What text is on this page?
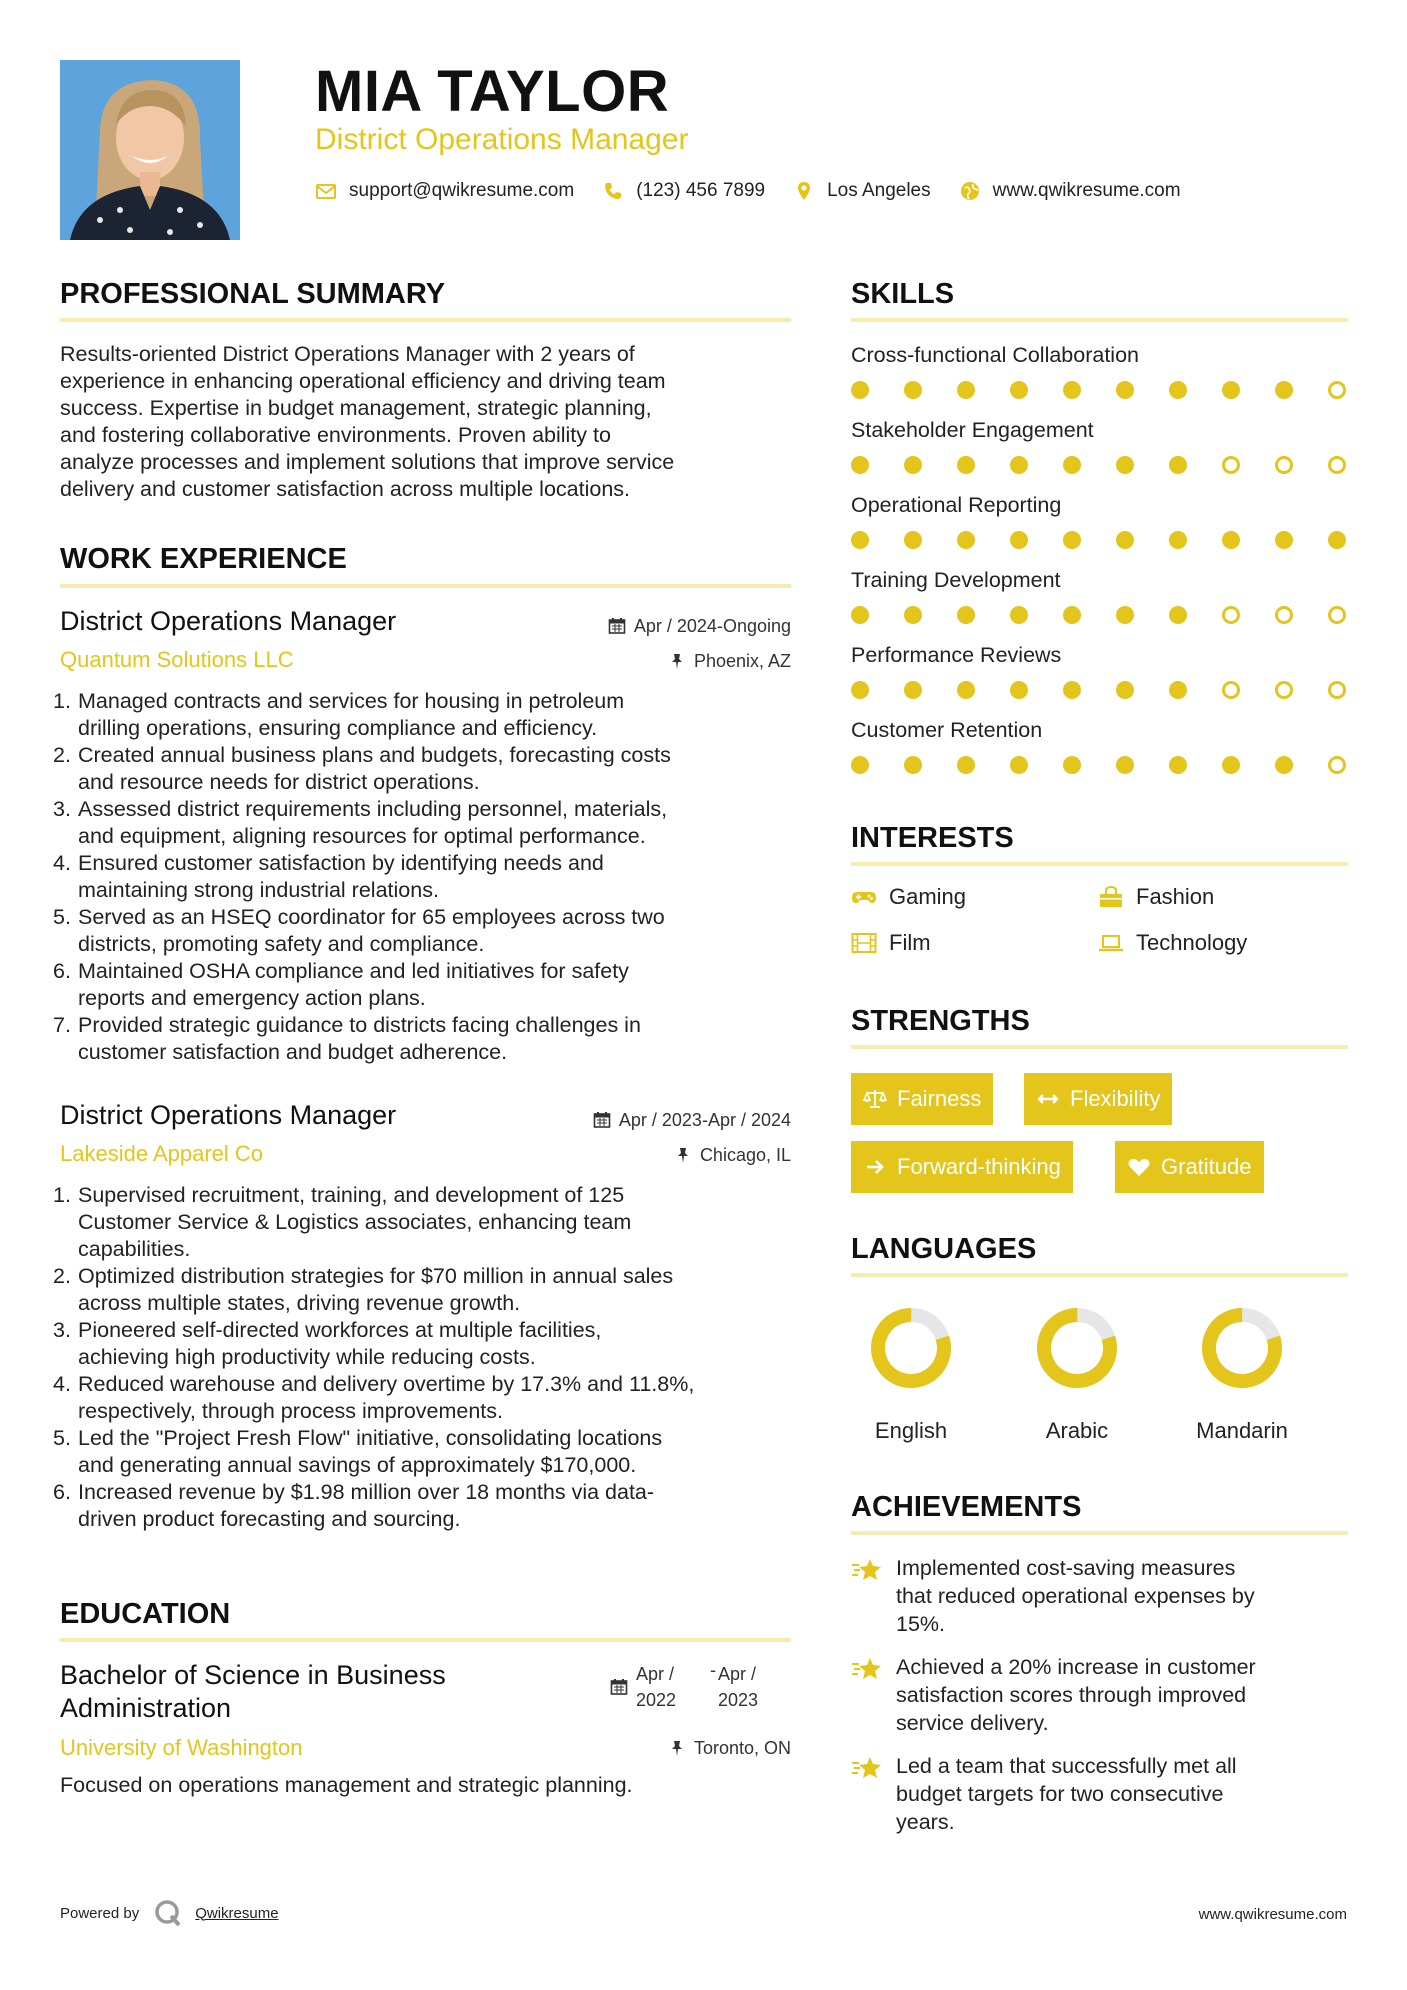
MIA TAYLOR
District Operations Manager
support@qwikresume.com	(123) 456 7899	Los Angeles	www.qwikresume.com
PROFESSIONAL SUMMARY
Results-oriented District Operations Manager with 2 years of
experience in enhancing operational efficiency and driving team
success. Expertise in budget management, strategic planning,
and fostering collaborative environments. Proven ability to
analyze processes and implement solutions that improve service
delivery and customer satisfaction across multiple locations.
WORK EXPERIENCE
District Operations Manager	Apr / 2024-Ongoing
Quantum Solutions LLC	Phoenix, AZ
1. Managed contracts and services for housing in petroleum
drilling operations, ensuring compliance and efficiency.
2. Created annual business plans and budgets, forecasting costs
and resource needs for district operations.
3. Assessed district requirements including personnel, materials,
and equipment, aligning resources for optimal performance.
4. Ensured customer satisfaction by identifying needs and
maintaining strong industrial relations.
5. Served as an HSEQ coordinator for 65 employees across two
districts, promoting safety and compliance.
6. Maintained OSHA compliance and led initiatives for safety
reports and emergency action plans.
7. Provided strategic guidance to districts facing challenges in
customer satisfaction and budget adherence.
District Operations Manager	Apr / 2023-Apr / 2024
Lakeside Apparel Co	Chicago, IL
1. Supervised recruitment, training, and development of 125
Customer Service & Logistics associates, enhancing team
capabilities.
2. Optimized distribution strategies for $70 million in annual sales
across multiple states, driving revenue growth.
3. Pioneered self-directed workforces at multiple facilities,
achieving high productivity while reducing costs.
4. Reduced warehouse and delivery overtime by 17.3% and 11.8%,
respectively, through process improvements.
5. Led the "Project Fresh Flow" initiative, consolidating locations
and generating annual savings of approximately $170,000.
6. Increased revenue by $1.98 million over 18 months via data-
driven product forecasting and sourcing.
EDUCATION
Bachelor of Science in Business
Administration
Apr /
2022
- Apr /
2023
University of Washington	Toronto, ON
Focused on operations management and strategic planning.
SKILLS
Cross-functional Collaboration
Stakeholder Engagement
Operational Reporting
Training Development
Performance Reviews
Customer Retention
INTERESTS
Gaming	Fashion
Film	Technology
STRENGTHS
Fairness	Flexibility
Forward-thinking	Gratitude
LANGUAGES
English	Arabic	Mandarin
ACHIEVEMENTS
Implemented cost-saving measures
that reduced operational expenses by
15%.
Achieved a 20% increase in customer
satisfaction scores through improved
service delivery.
Led a team that successfully met all
budget targets for two consecutive
years.
Powered by	Qwikresume	www.qwikresume.com
